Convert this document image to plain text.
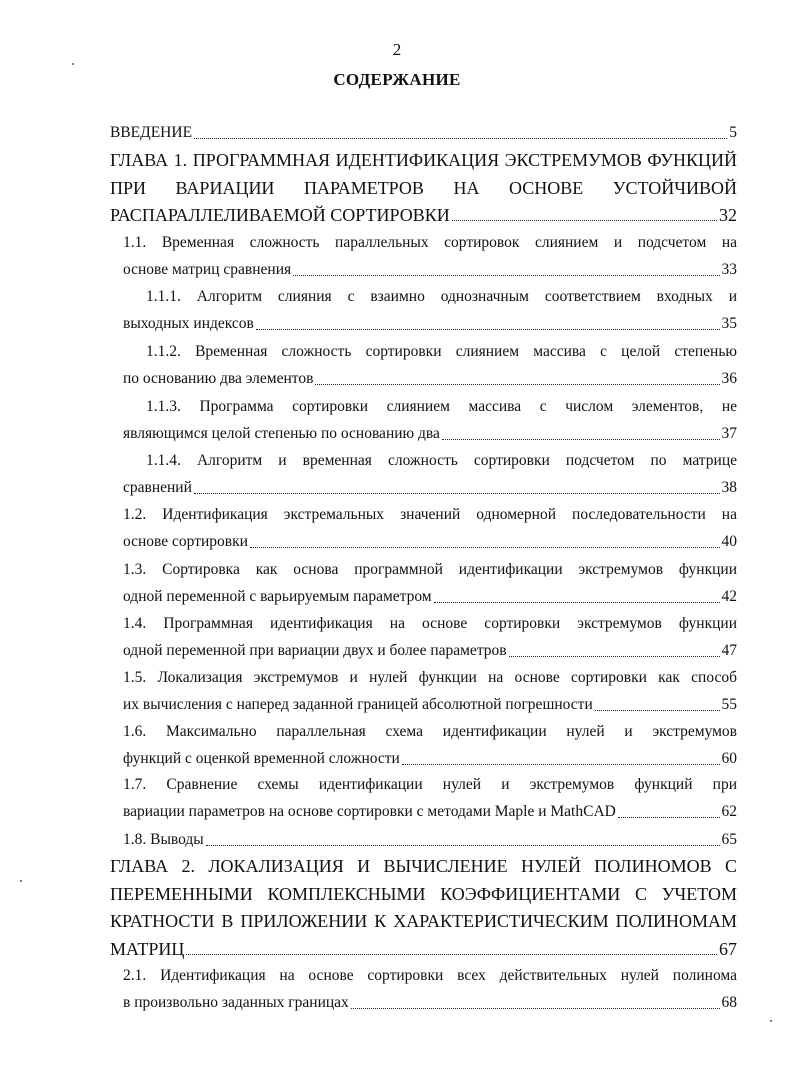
2
СОДЕРЖАНИЕ
ВВЕДЕНИЕ	5
ГЛАВА 1. ПРОГРАММНАЯ ИДЕНТИФИКАЦИЯ ЭКСТРЕМУМОВ ФУНКЦИЙ
ПРИ ВАРИАЦИИ ПАРАМЕТРОВ НА ОСНОВЕ УСТОЙЧИВОЙ
РАСПАРАЛЛЕЛИВАЕМОЙ СОРТИРОВКИ	32
1.1. Временная сложность параллельных сортировок слиянием и подсчетом на
основе матриц сравнения	33
1.1.1. Алгоритм слияния с взаимно однозначным соответствием входных и
выходных индексов	35
1.1.2. Временная сложность сортировки слиянием массива с целой степенью
по основанию два элементов	36
1.1.3. Программа сортировки слиянием массива с числом элементов, не
являющимся целой степенью по основанию два	37
1.1.4. Алгоритм и временная сложность сортировки подсчетом по матрице
сравнений	38
1.2. Идентификация экстремальных значений одномерной последовательности на
основе сортировки	40
1.3. Сортировка как основа программной идентификации экстремумов функции
одной переменной с варьируемым параметром	42
1.4. Программная идентификация на основе сортировки экстремумов функции
одной переменной при вариации двух и более параметров	47
1.5. Локализация экстремумов и нулей функции на основе сортировки как способ
их вычисления с наперед заданной границей абсолютной погрешности	55
1.6. Максимально параллельная схема идентификации нулей и экстремумов
функций с оценкой временной сложности	60
1.7. Сравнение схемы идентификации нулей и экстремумов функций при
вариации параметров на основе сортировки с методами Maple и MathCAD	62
1.8. Выводы	65
ГЛАВА 2. ЛОКАЛИЗАЦИЯ И ВЫЧИСЛЕНИЕ НУЛЕЙ ПОЛИНОМОВ С
ПЕРЕМЕННЫМИ КОМПЛЕКСНЫМИ КОЭФФИЦИЕНТАМИ С УЧЕТОМ
КРАТНОСТИ В ПРИЛОЖЕНИИ К ХАРАКТЕРИСТИЧЕСКИМ ПОЛИНОМАМ
МАТРИЦ	67
2.1. Идентификация на основе сортировки всех действительных нулей полинома
в произвольно заданных границах	68
